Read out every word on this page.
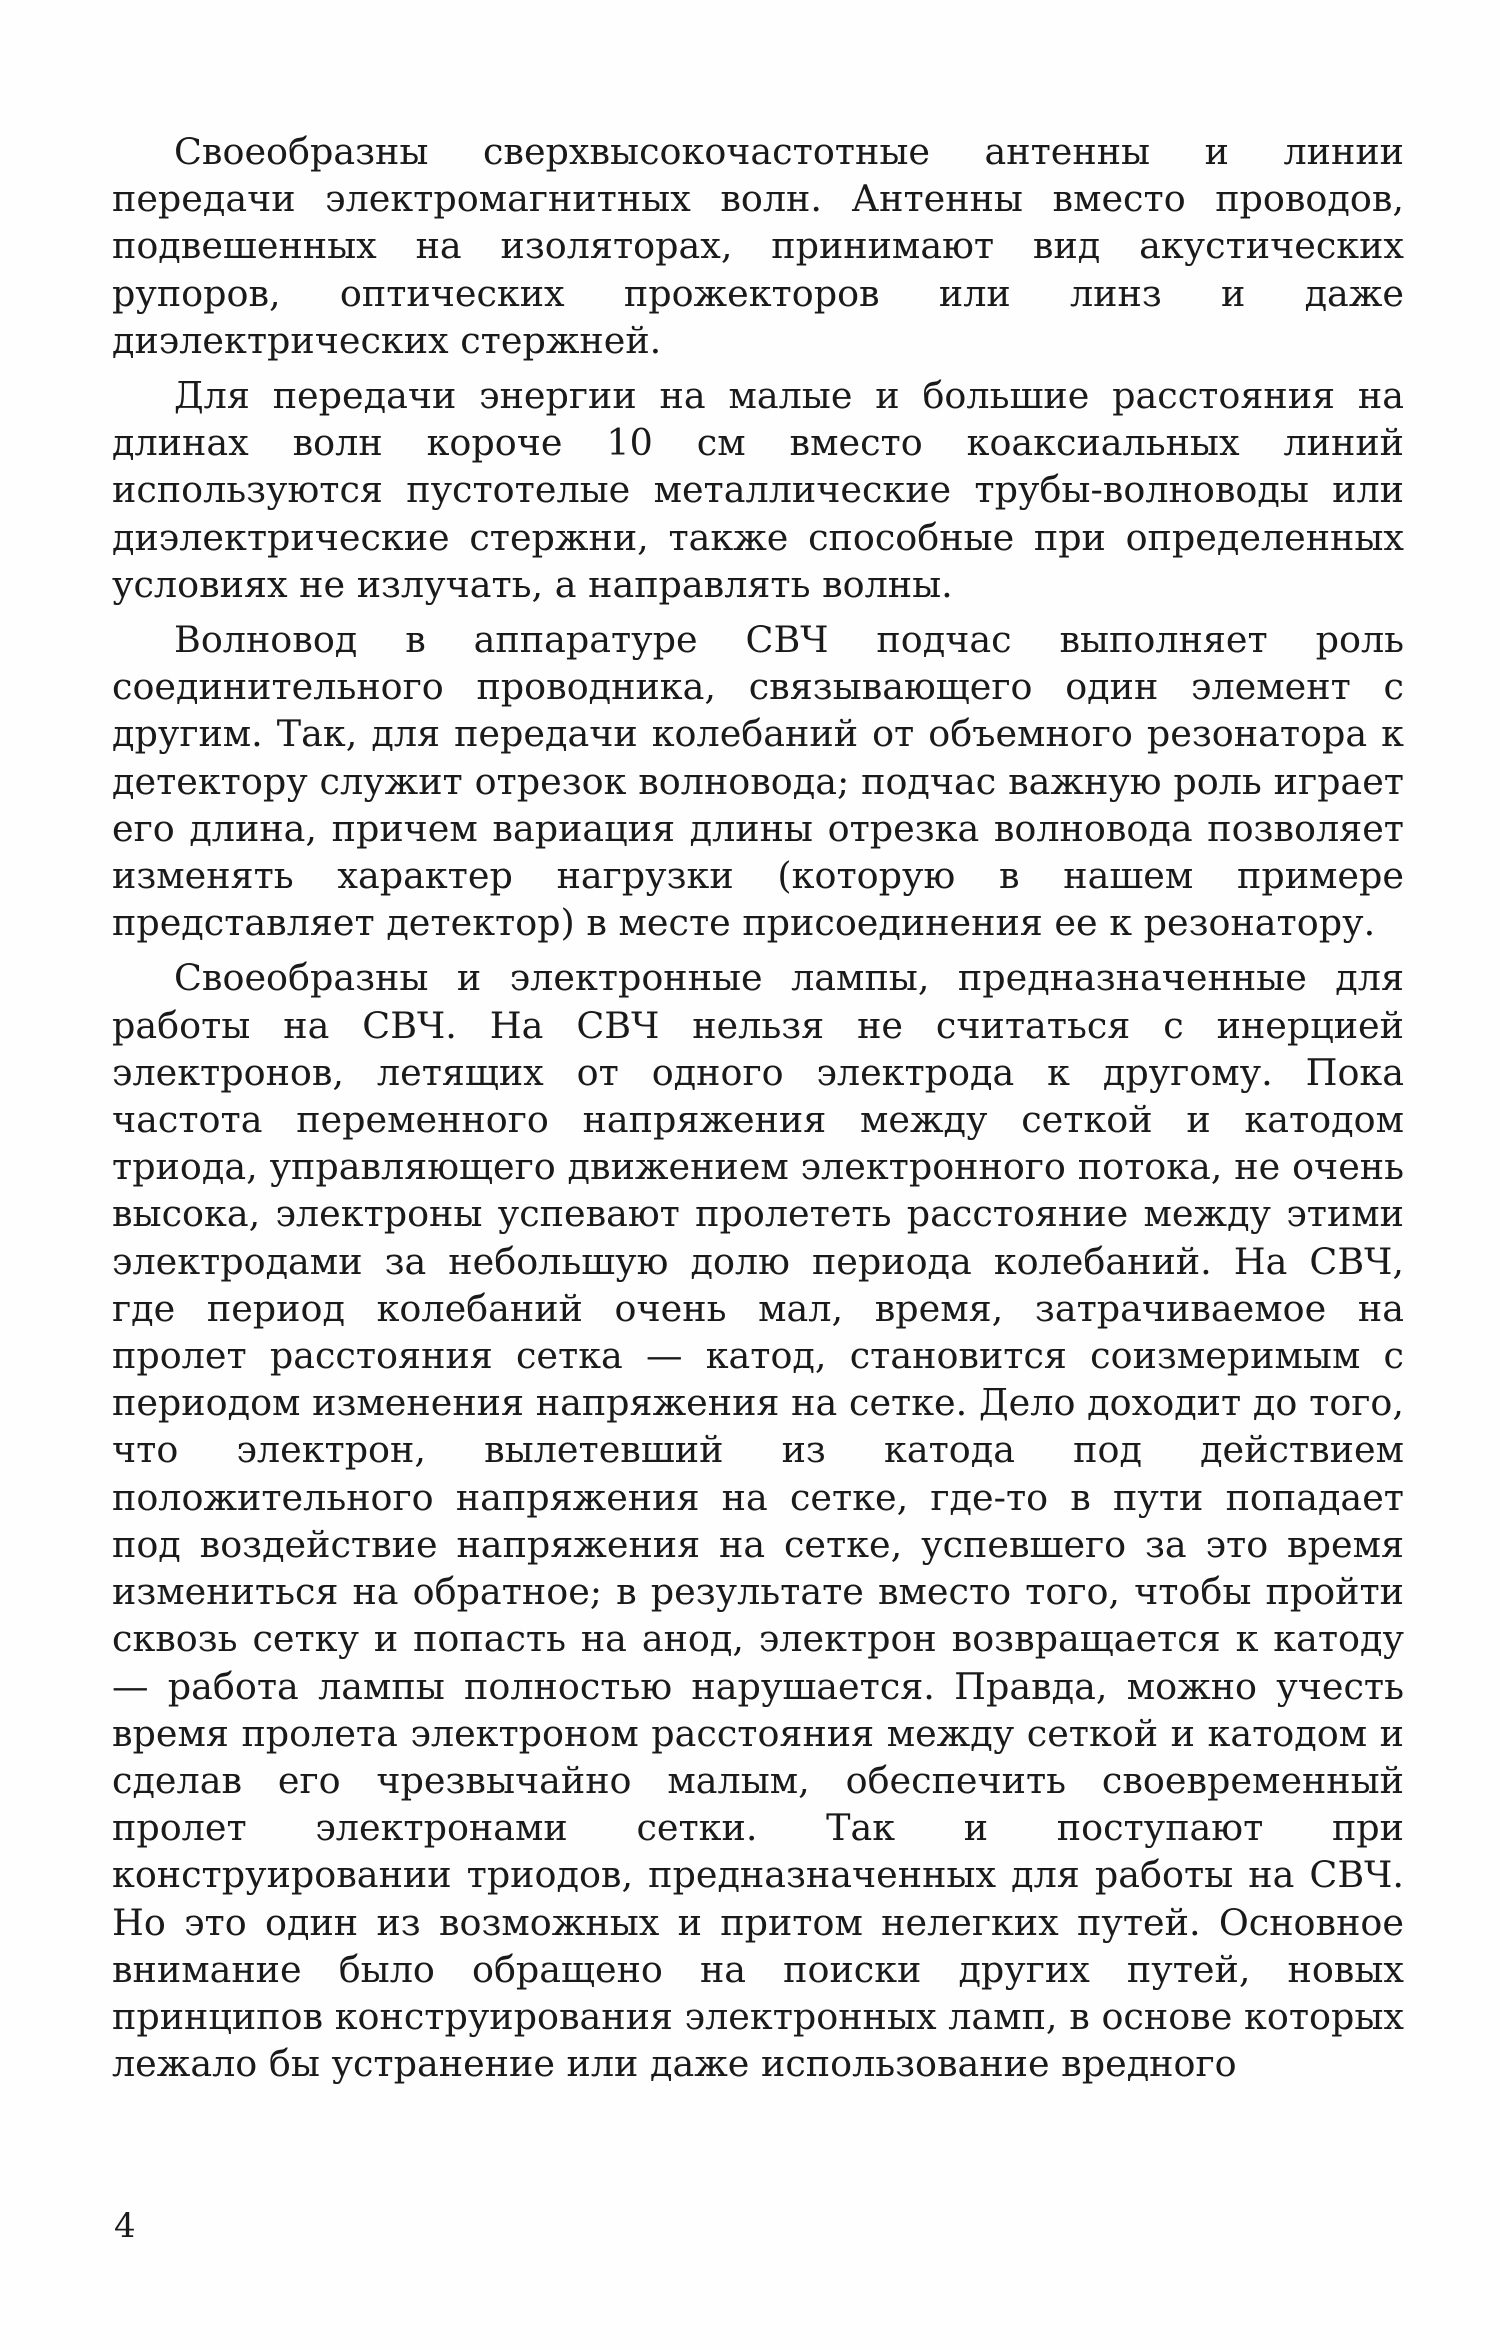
Своеобразны сверхвысокочастотные антенны и линии передачи электромагнитных волн. Антенны вместо проводов, подвешенных на изоляторах, принимают вид акустических рупоров, оптических прожекторов или линз и даже диэлектрических стержней.

Для передачи энергии на малые и большие расстояния на длинах волн короче 10 см вместо коаксиальных линий используются пустотелые металлические трубы-волноводы или диэлектрические стержни, также способные при определенных условиях не излучать, а направлять волны.

Волновод в аппаратуре СВЧ подчас выполняет роль соединительного проводника, связывающего один элемент с другим. Так, для передачи колебаний от объемного резонатора к детектору служит отрезок волновода; подчас важную роль играет его длина, причем вариация длины отрезка волновода позволяет изменять характер нагрузки (которую в нашем примере представляет детектор) в месте присоединения ее к резонатору.

Своеобразны и электронные лампы, предназначенные для работы на СВЧ. На СВЧ нельзя не считаться с инерцией электронов, летящих от одного электрода к другому. Пока частота переменного напряжения между сеткой и катодом триода, управляющего движением электронного потока, не очень высока, электроны успевают пролететь расстояние между этими электродами за небольшую долю периода колебаний. На СВЧ, где период колебаний очень мал, время, затрачиваемое на пролет расстояния сетка — катод, становится соизмеримым с периодом изменения напряжения на сетке. Дело доходит до того, что электрон, вылетевший из катода под действием положительного напряжения на сетке, где-то в пути попадает под воздействие напряжения на сетке, успевшего за это время измениться на обратное; в результате вместо того, чтобы пройти сквозь сетку и попасть на анод, электрон возвращается к катоду — работа лампы полностью нарушается. Правда, можно учесть время пролета электроном расстояния между сеткой и катодом и сделав его чрезвычайно малым, обеспечить своевременный пролет электронами сетки. Так и поступают при конструировании триодов, предназначенных для работы на СВЧ. Но это один из возможных и притом нелегких путей. Основное внимание было обращено на поиски других путей, новых принципов конструирования электронных ламп, в основе которых лежало бы устранение или даже использование вредного

4
